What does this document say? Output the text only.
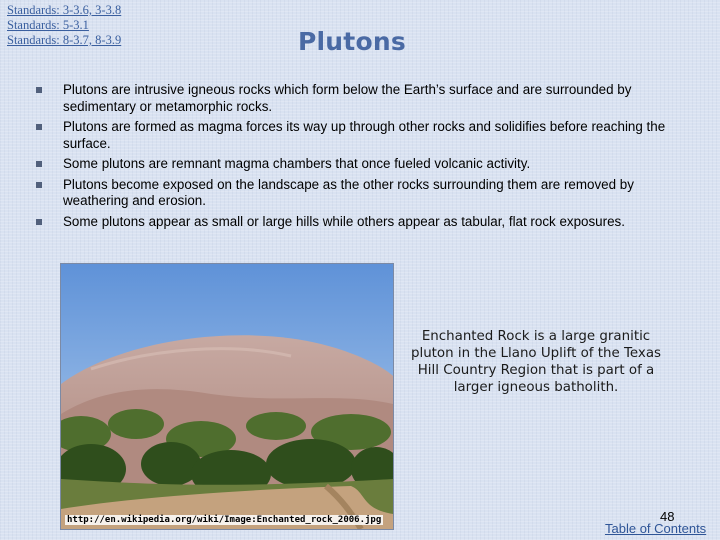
Standards: 3-3.6, 3-3.8
Standards: 5-3.1
Standards: 8-3.7, 8-3.9	Plutons
Plutons are intrusive igneous rocks which form below the Earth’s surface and are surrounded by sedimentary or metamorphic rocks.
Plutons are formed as magma forces its way up through other rocks and solidifies before reaching the surface.
Some plutons are remnant magma chambers that once fueled volcanic activity.
Plutons become exposed on the landscape as the other rocks surrounding them are removed by weathering and erosion.
Some plutons appear as small or large hills while others appear as tabular, flat rock exposures.
http://en.wikipedia.org/wiki/Image:Enchanted_rock_2006.jpg

Enchanted Rock is a large granitic pluton in the Llano Uplift of the Texas Hill Country Region that is part of a larger igneous batholith.

48
Table of Contents
